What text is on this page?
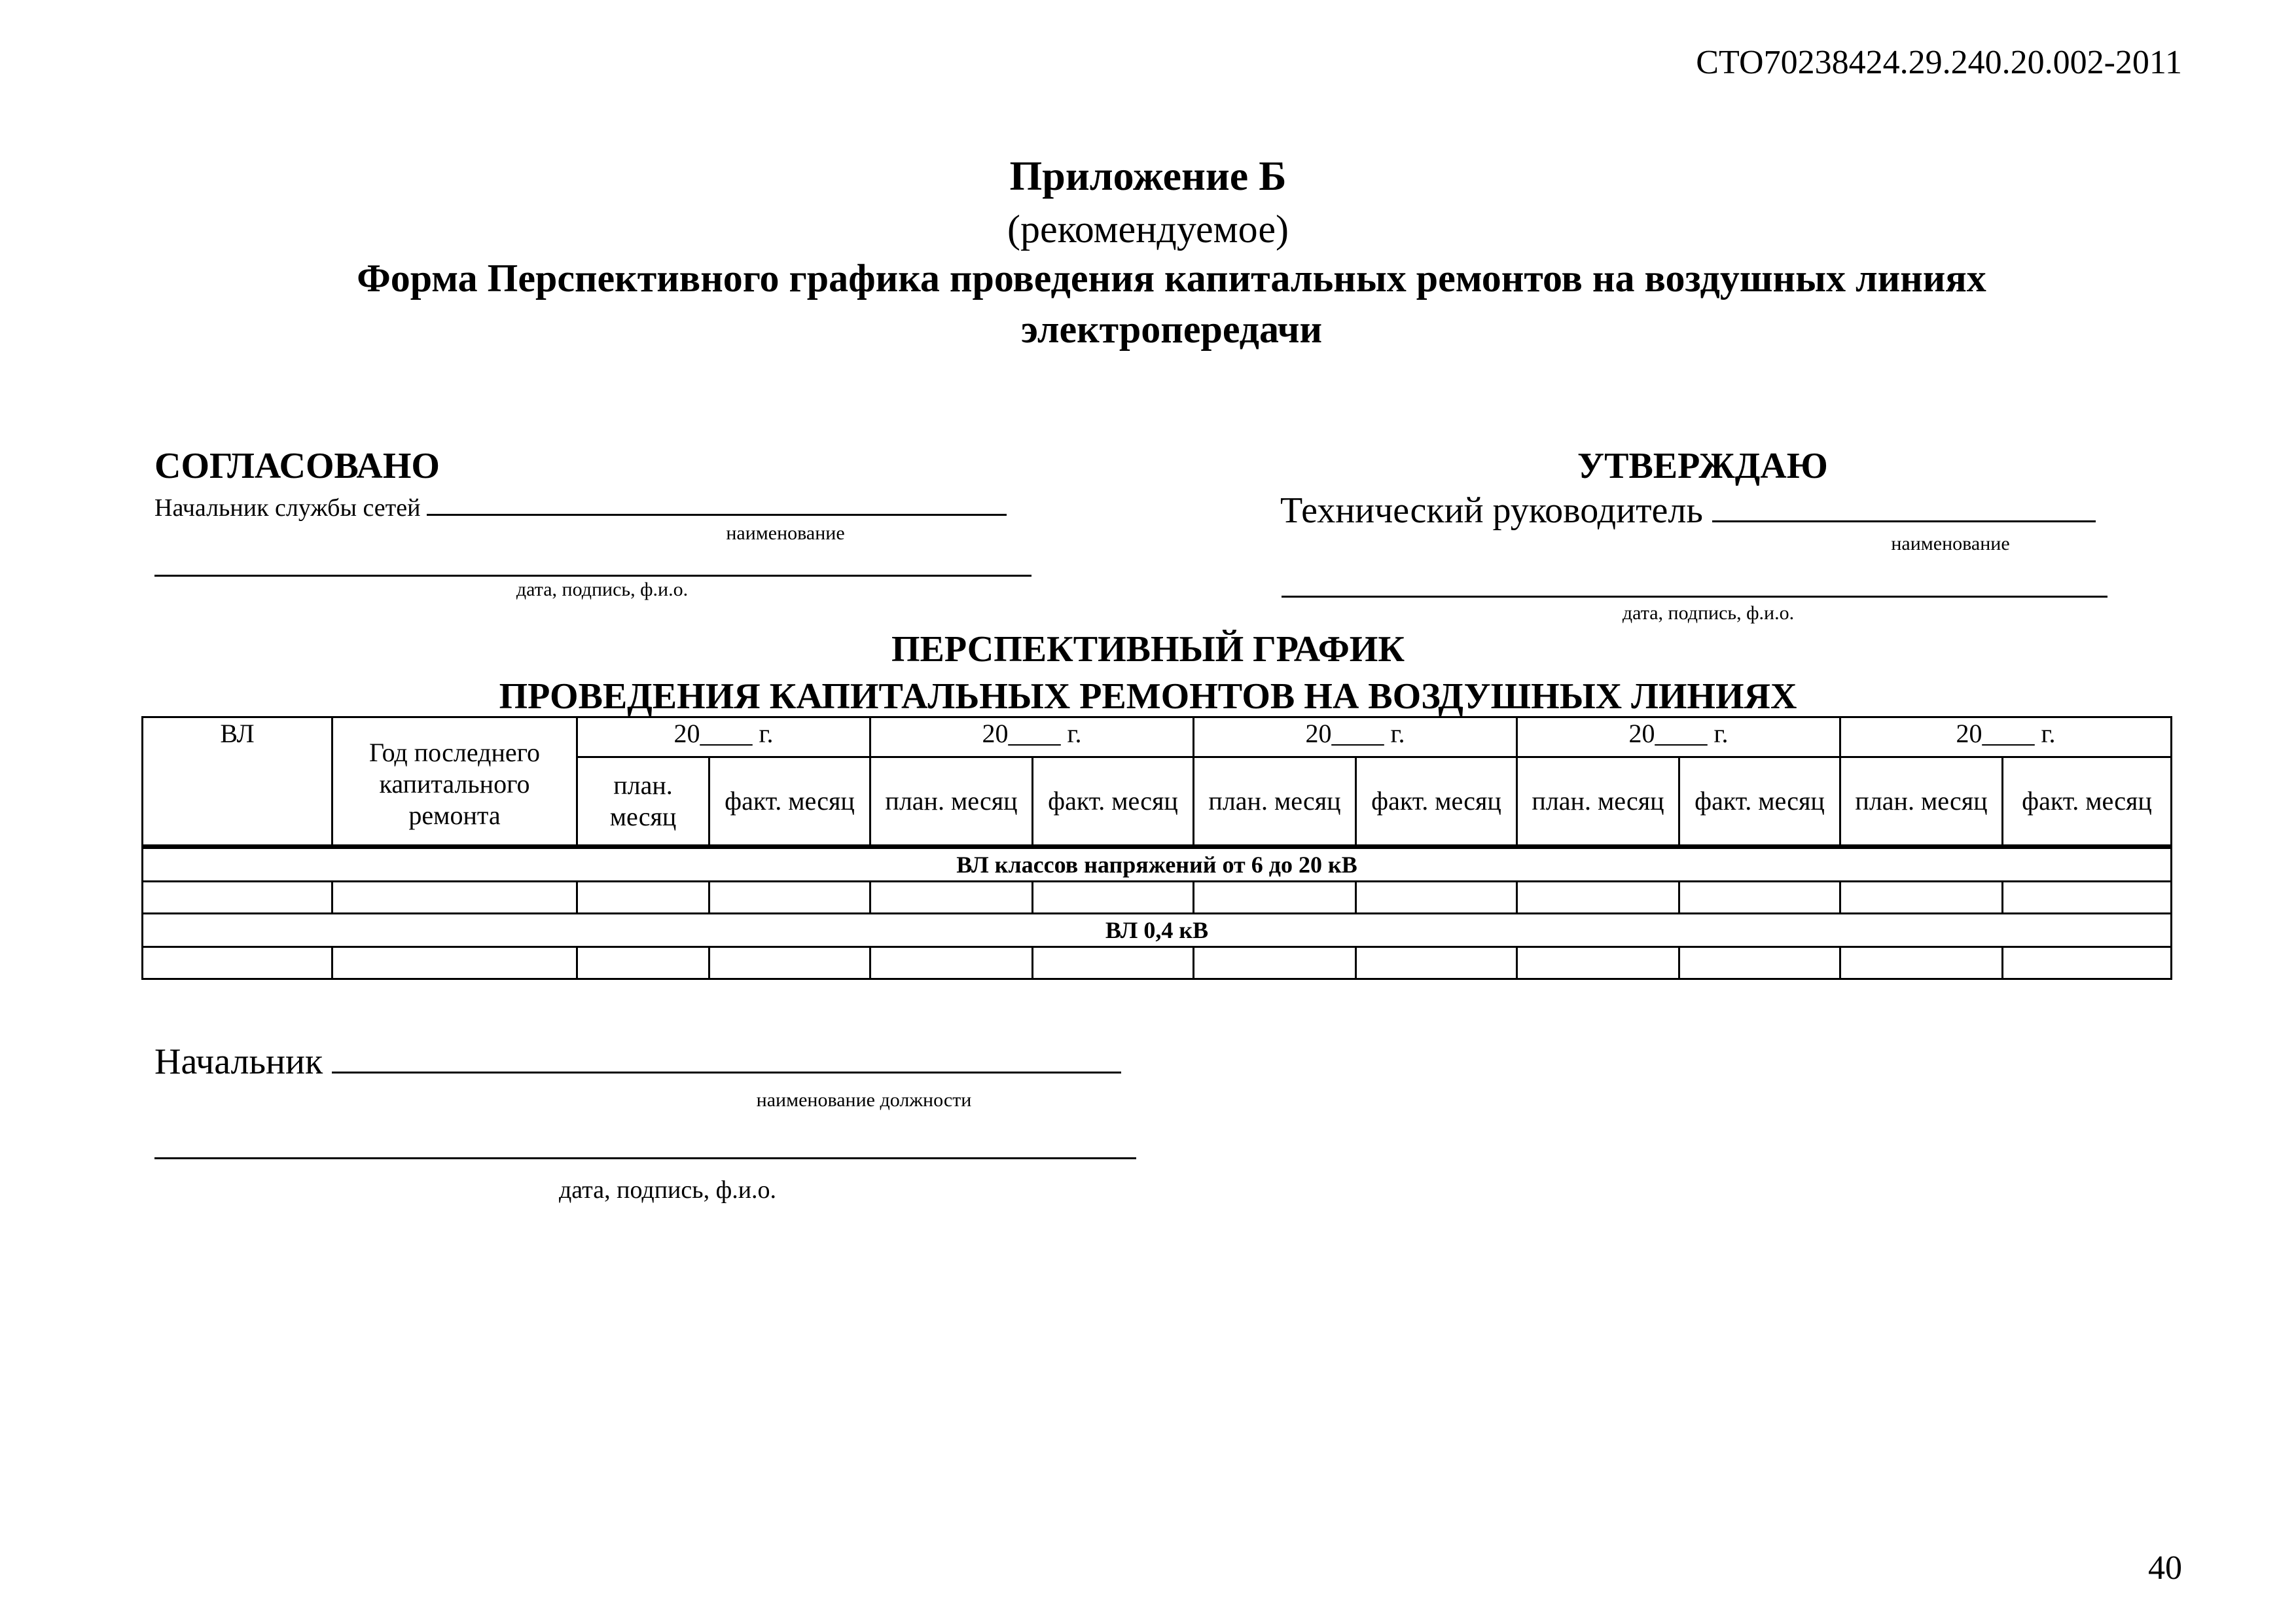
СТО70238424.29.240.20.002-2011
Приложение Б
(рекомендуемое)
Форма Перспективного графика проведения капитальных ремонтов на воздушных линиях электропередачи
СОГЛАСОВАНО
Начальник службы сетей
наименование
дата, подпись, ф.и.о.
УТВЕРЖДАЮ
Технический руководитель
наименование
дата, подпись, ф.и.о.
ПЕРСПЕКТИВНЫЙ ГРАФИК
ПРОВЕДЕНИЯ КАПИТАЛЬНЫХ РЕМОНТОВ НА ВОЗДУШНЫХ ЛИНИЯХ
ВЛ	Год последнего капитального ремонта	20____ г.		20____ г.		20____ г.		20____ г.		20____ г.	
		план. месяц	факт. месяц	план. месяц	факт. месяц	план. месяц	факт. месяц	план. месяц	факт. месяц	план. месяц	факт. месяц
ВЛ классов напряжений от 6 до 20 кВ											

ВЛ 0,4 кВ											

Начальник
наименование должности
дата, подпись, ф.и.о.
40
